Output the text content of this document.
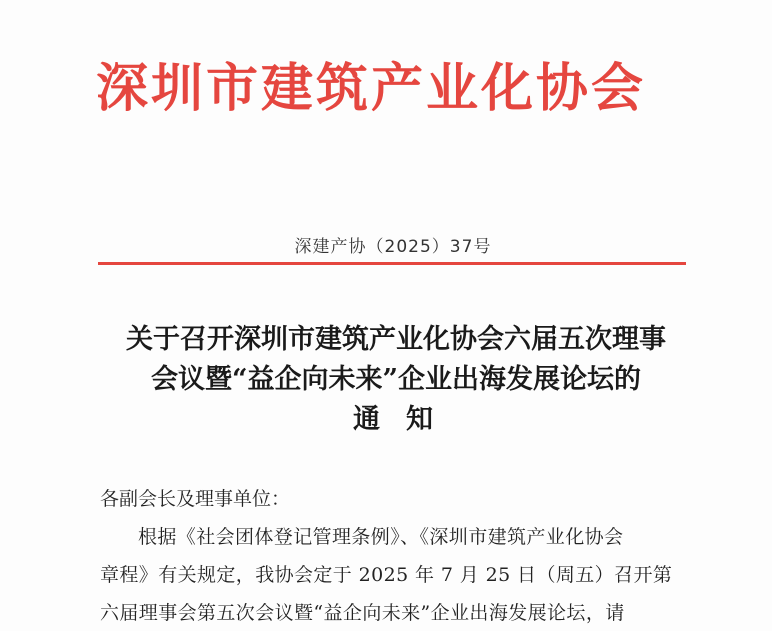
深圳市建筑产业化协会
深建产协（2025）37号
关于召开深圳市建筑产业化协会六届五次理事
会议暨“益企向未来”企业出海发展论坛的
通知

各副会长及理事单位：

根据《社会团体登记管理条例》、《深圳市建筑产业化协会

章程》有关规定，我协会定于 2025 年 7 月 25 日（周五）召开第

六届理事会第五次会议暨“益企向未来”企业出海发展论坛，请
